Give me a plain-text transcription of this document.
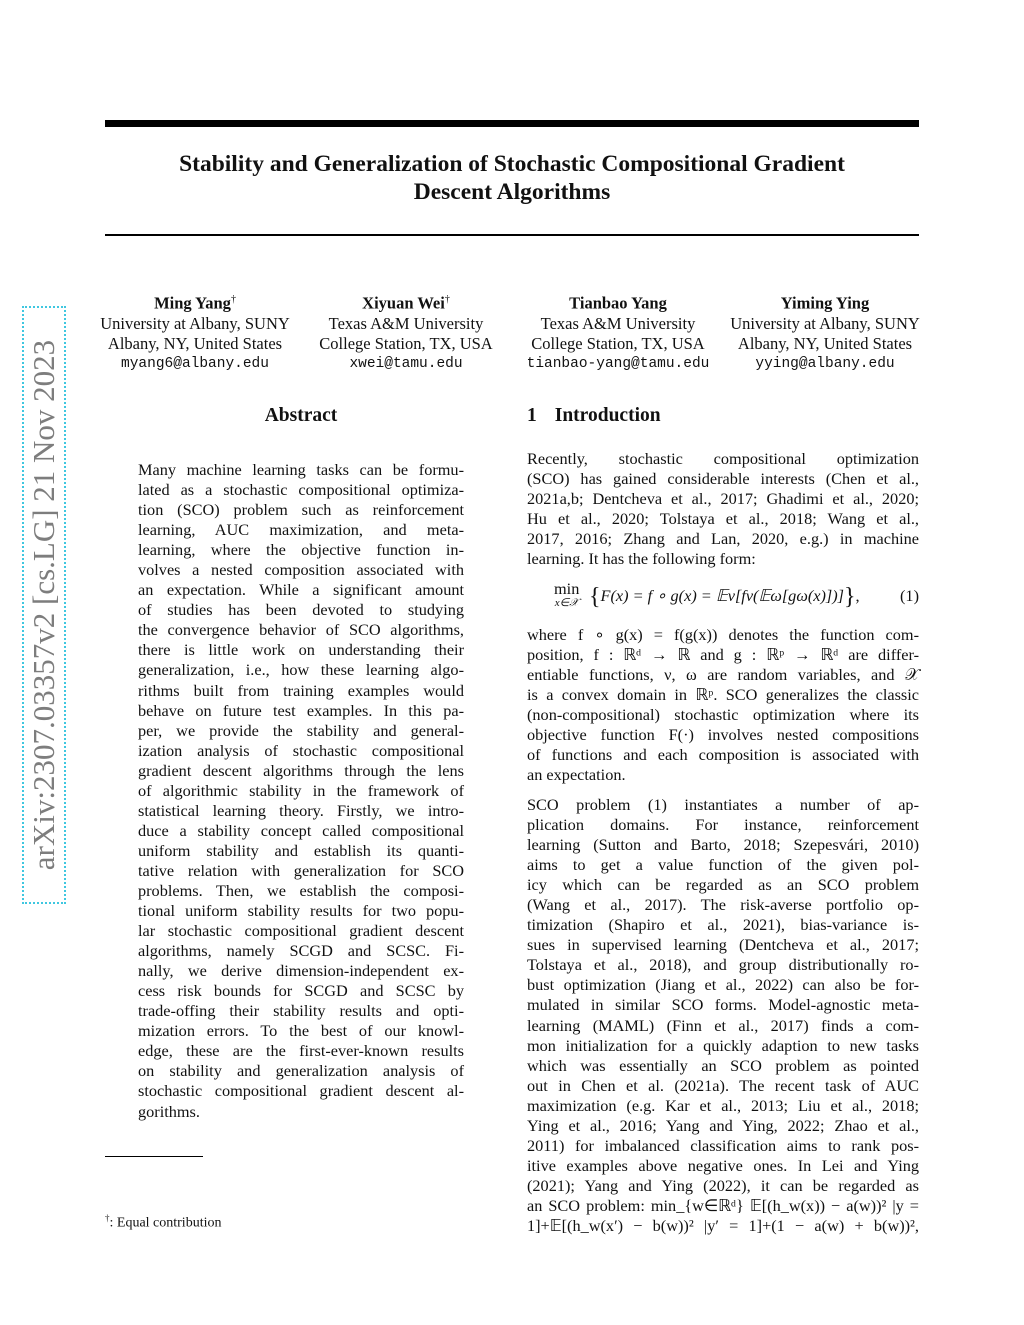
Stability and Generalization of Stochastic Compositional Gradient
Descent Algorithms
arXiv:2307.03357v2 [cs.LG] 21 Nov 2023
Ming Yang†
University at Albany, SUNY
Albany, NY, United States
myang6@albany.edu
Xiyuan Wei†
Texas A&M University
College Station, TX, USA
xwei@tamu.edu
Tianbao Yang
Texas A&M University
College Station, TX, USA
tianbao-yang@tamu.edu
Yiming Ying
University at Albany, SUNY
Albany, NY, United States
yying@albany.edu
Abstract
Many machine learning tasks can be formu-
lated as a stochastic compositional optimiza-
tion (SCO) problem such as reinforcement
learning, AUC maximization, and meta-
learning, where the objective function in-
volves a nested composition associated with
an expectation. While a significant amount
of studies has been devoted to studying
the convergence behavior of SCO algorithms,
there is little work on understanding their
generalization, i.e., how these learning algo-
rithms built from training examples would
behave on future test examples. In this pa-
per, we provide the stability and general-
ization analysis of stochastic compositional
gradient descent algorithms through the lens
of algorithmic stability in the framework of
statistical learning theory. Firstly, we intro-
duce a stability concept called compositional
uniform stability and establish its quanti-
tative relation with generalization for SCO
problems. Then, we establish the composi-
tional uniform stability results for two popu-
lar stochastic compositional gradient descent
algorithms, namely SCGD and SCSC. Fi-
nally, we derive dimension-independent ex-
cess risk bounds for SCGD and SCSC by
trade-offing their stability results and opti-
mization errors. To the best of our knowl-
edge, these are the first-ever-known results
on stability and generalization analysis of
stochastic compositional gradient descent al-
gorithms.
1 Introduction
Recently, stochastic compositional optimization
(SCO) has gained considerable interests (Chen et al.,
2021a,b; Dentcheva et al., 2017; Ghadimi et al., 2020;
Hu et al., 2020; Tolstaya et al., 2018; Wang et al.,
2017, 2016; Zhang and Lan, 2020, e.g.) in machine
learning. It has the following form:
min
x∈𝒳 {F(x) = f ∘ g(x) = 𝔼ν[fν(𝔼ω[gω(x)])]}, (1)
where f ∘ g(x) = f(g(x)) denotes the function com-
position, f : ℝᵈ → ℝ and g : ℝᵖ → ℝᵈ are differ-
entiable functions, ν, ω are random variables, and 𝒳
is a convex domain in ℝᵖ. SCO generalizes the classic
(non-compositional) stochastic optimization where its
objective function F(·) involves nested compositions
of functions and each composition is associated with
an expectation.
SCO problem (1) instantiates a number of ap-
plication domains. For instance, reinforcement
learning (Sutton and Barto, 2018; Szepesvári, 2010)
aims to get a value function of the given pol-
icy which can be regarded as an SCO problem
(Wang et al., 2017). The risk-averse portfolio op-
timization (Shapiro et al., 2021), bias-variance is-
sues in supervised learning (Dentcheva et al., 2017;
Tolstaya et al., 2018), and group distributionally ro-
bust optimization (Jiang et al., 2022) can also be for-
mulated in similar SCO forms. Model-agnostic meta-
learning (MAML) (Finn et al., 2017) finds a com-
mon initialization for a quickly adaption to new tasks
which was essentially an SCO problem as pointed
out in Chen et al. (2021a). The recent task of AUC
maximization (e.g. Kar et al., 2013; Liu et al., 2018;
Ying et al., 2016; Yang and Ying, 2022; Zhao et al.,
2011) for imbalanced classification aims to rank pos-
itive examples above negative ones. In Lei and Ying
(2021); Yang and Ying (2022), it can be regarded as
an SCO problem: min_{w∈ℝᵈ} 𝔼[(h_w(x)) − a(w))² |y =
1]+𝔼[(h_w(x′) − b(w))² |y′ = 1]+(1 − a(w) + b(w))²,
†: Equal contribution
